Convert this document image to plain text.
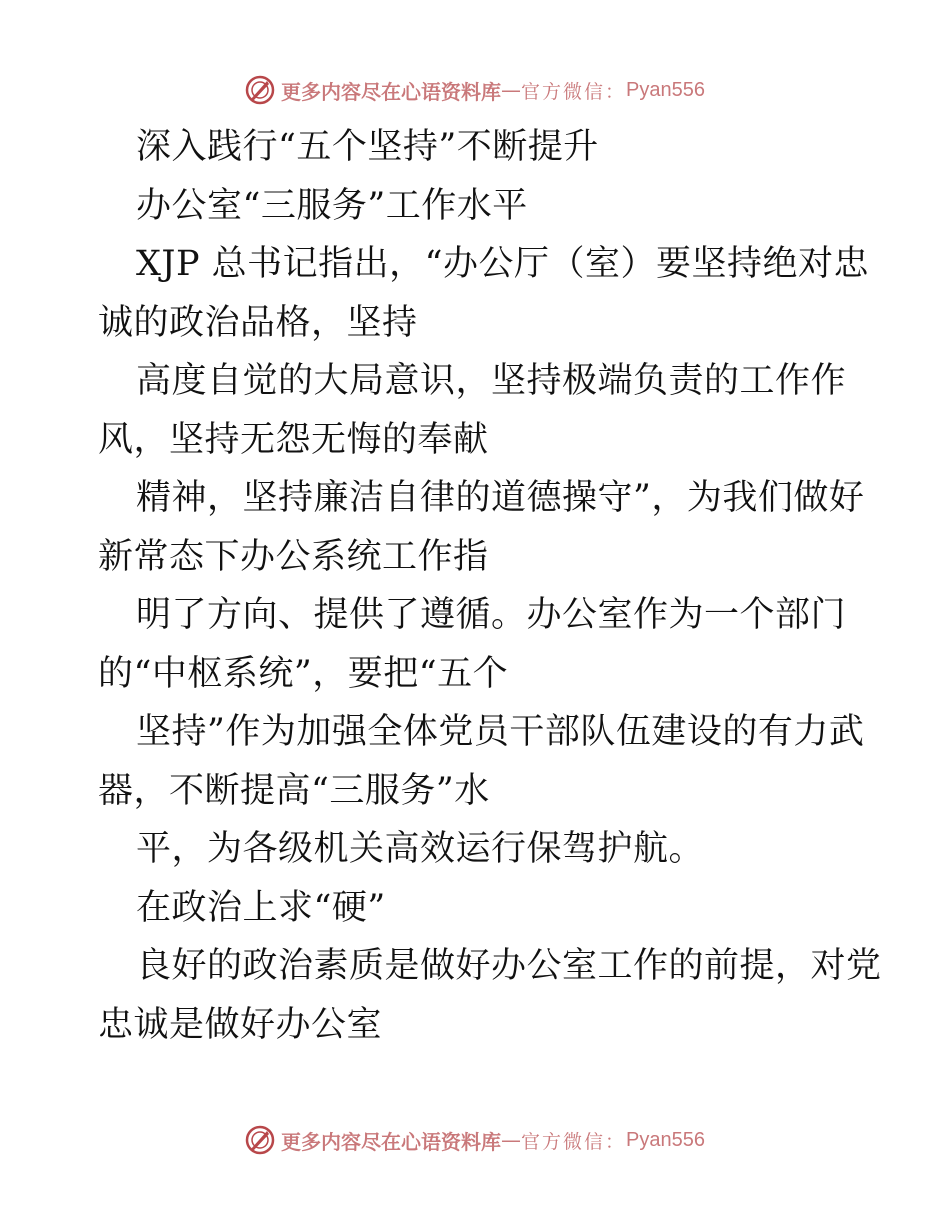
更多内容尽在心语资料库 — 官方微信： Pyan556
深入践行“五个坚持”不断提升
办公室“三服务”工作水平
XJP 总书记指出，“办公厅（室）要坚持绝对忠
诚的政治品格，坚持
高度自觉的大局意识，坚持极端负责的工作作
风，坚持无怨无悔的奉献
精神，坚持廉洁自律的道德操守”，为我们做好
新常态下办公系统工作指
明了方向、提供了遵循。办公室作为一个部门
的“中枢系统”，要把“五个
坚持”作为加强全体党员干部队伍建设的有力武
器，不断提高“三服务”水
平，为各级机关高效运行保驾护航。
在政治上求“硬”
良好的政治素质是做好办公室工作的前提，对党
忠诚是做好办公室
更多内容尽在心语资料库 — 官方微信： Pyan556
